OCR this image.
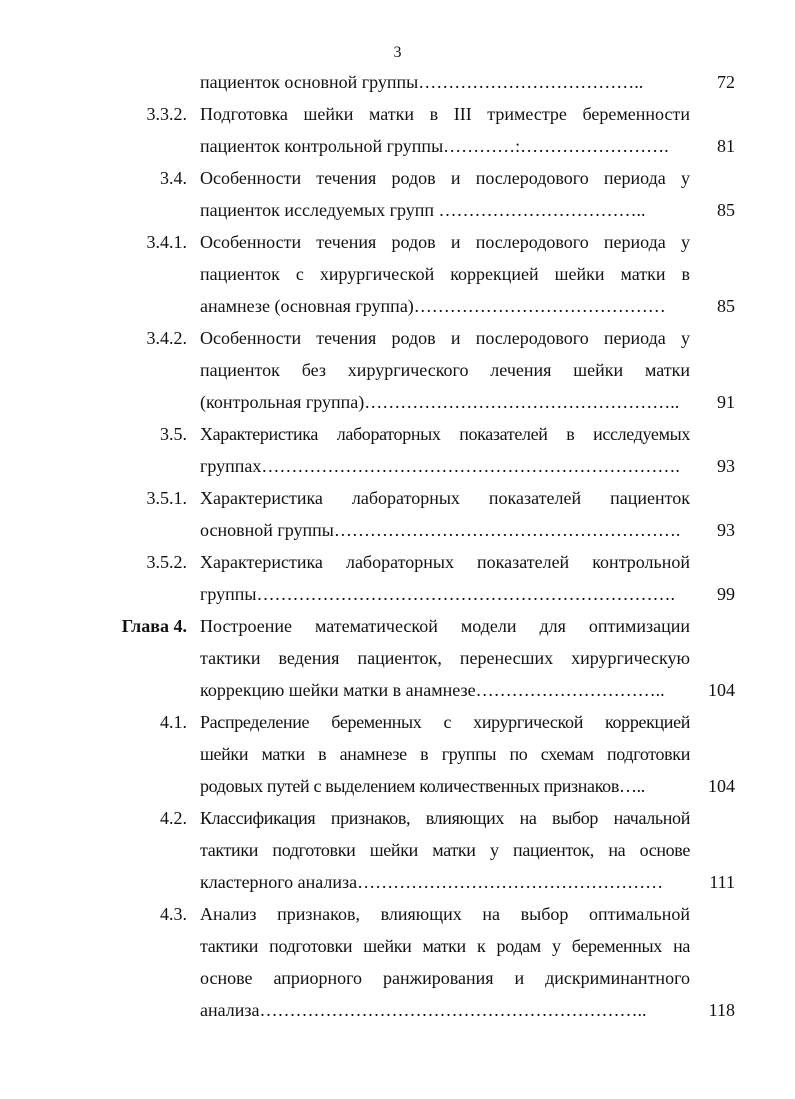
3
пациенток основной группы………………………………..	72
3.3.2. Подготовка шейки матки в III триместре беременности
пациенток контрольной группы…………:…………………….	81
3.4. Особенности течения родов и послеродового периода у
пациенток исследуемых групп ……………………………..	85
3.4.1. Особенности течения родов и послеродового периода у
пациенток с хирургической коррекцией шейки матки в
анамнезе (основная группа)……………………………………	85
3.4.2. Особенности течения родов и послеродового периода у
пациенток без хирургического лечения шейки матки
(контрольная группа)……………………………………………..	91
3.5. Характеристика лабораторных показателей в исследуемых
группах…………………………………………………………….	93
3.5.1. Характеристика лабораторных показателей пациенток
основной группы………………………………………………….	93
3.5.2. Характеристика лабораторных показателей контрольной
группы…………………………………………………………….	99
Глава 4. Построение математической модели для оптимизации
тактики ведения пациенток, перенесших хирургическую
коррекцию шейки матки в анамнезе…………………………..	104
4.1. Распределение беременных с хирургической коррекцией
шейки матки в анамнезе в группы по схемам подготовки
родовых путей с выделением количественных признаков…..	104
4.2. Классификация признаков, влияющих на выбор начальной
тактики подготовки шейки матки у пациенток, на основе
кластерного анализа……………………………………………	111
4.3. Анализ признаков, влияющих на выбор оптимальной
тактики подготовки шейки матки к родам у беременных на
основе априорного ранжирования и дискриминантного
анализа………………………………………………………..	118
